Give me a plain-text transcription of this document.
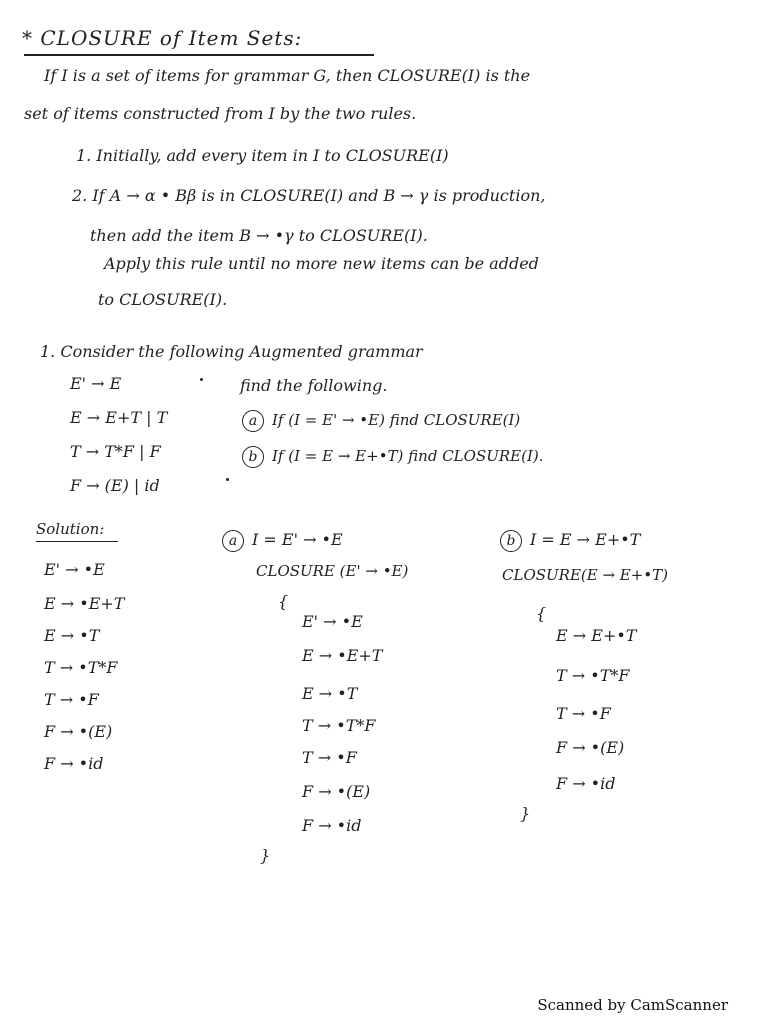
* CLOSURE of Item Sets:
If I is a set of items for grammar G, then CLOSURE(I) is the
set of items constructed from I by the two rules.
1. Initially, add every item in I to CLOSURE(I)
2. If A → α • Bβ is in CLOSURE(I) and B → γ is production,
then add the item B → •γ to CLOSURE(I).
Apply this rule until no more new items can be added
to CLOSURE(I).
1. Consider the following Augmented grammar
E' → E
E → E+T | T
T → T*F | F
F → (E) | id
find the following.
a If (I = E' → •E) find CLOSURE(I)
b If (I = E → E+•T) find CLOSURE(I).
Solution:
E' → •E
E → •E+T
E → •T
T → •T*F
T → •F
F → •(E)
F → •id
a I = E' → •E
CLOSURE (E' → •E)
{
E' → •E
E → •E+T
E → •T
T → •T*F
T → •F
F → •(E)
F → •id
}
b I = E → E+•T
CLOSURE(E → E+•T)
{
E → E+•T
T → •T*F
T → •F
F → •(E)
F → •id
}
Scanned by CamScanner
